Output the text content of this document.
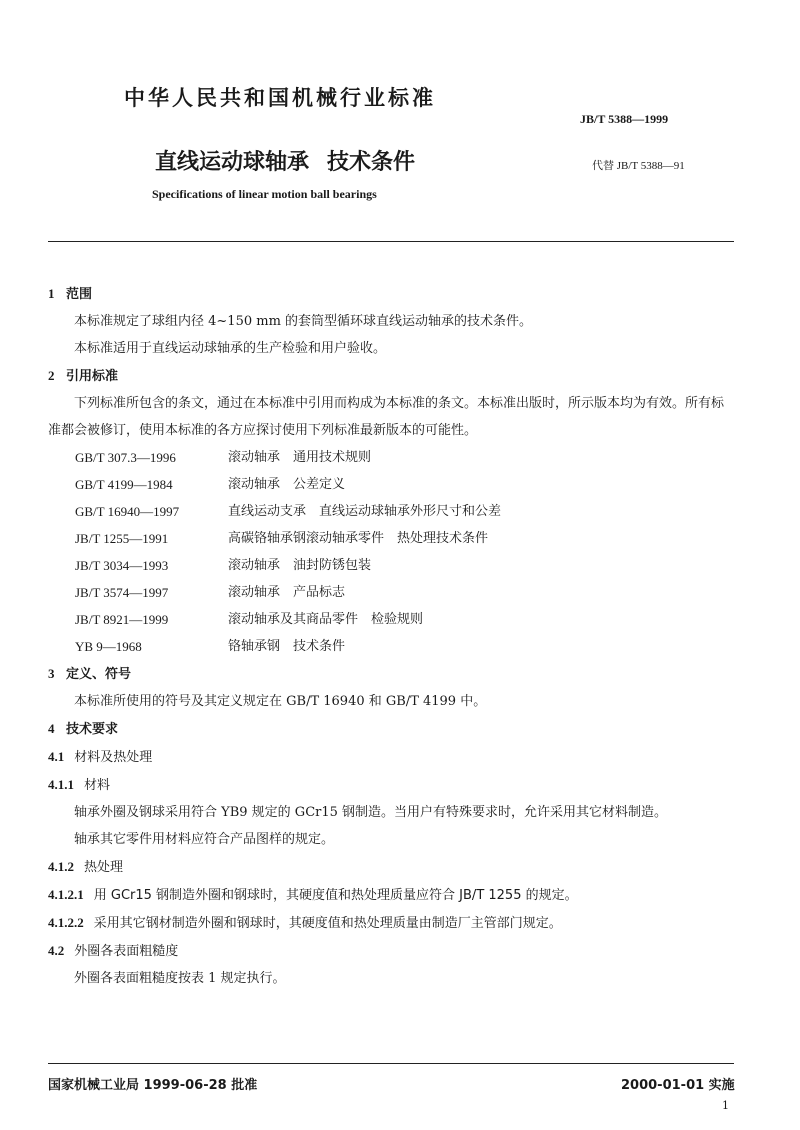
中华人民共和国机械行业标准
JB/T 5388—1999
直线运动球轴承 技术条件	代替 JB/T 5388—91
Specifications of linear motion ball bearings
1 范围
本标准规定了球组内径 4~150 mm 的套筒型循环球直线运动轴承的技术条件。
本标准适用于直线运动球轴承的生产检验和用户验收。
2 引用标准
下列标准所包含的条文，通过在本标准中引用而构成为本标准的条文。本标准出版时，所示版本均为有效。所有标准都会被修订，使用本标准的各方应探讨使用下列标准最新版本的可能性。
GB/T 307.3—1996	滚动轴承　通用技术规则
GB/T 4199—1984	滚动轴承　公差定义
GB/T 16940—1997	直线运动支承　直线运动球轴承外形尺寸和公差
JB/T 1255—1991	高碳铬轴承钢滚动轴承零件　热处理技术条件
JB/T 3034—1993	滚动轴承　油封防锈包装
JB/T 3574—1997	滚动轴承　产品标志
JB/T 8921—1999	滚动轴承及其商品零件　检验规则
YB 9—1968	铬轴承钢　技术条件
3 定义、符号
本标准所使用的符号及其定义规定在 GB/T 16940 和 GB/T 4199 中。
4 技术要求
4.1 材料及热处理
4.1.1 材料
轴承外圈及钢球采用符合 YB9 规定的 GCr15 钢制造。当用户有特殊要求时，允许采用其它材料制造。
轴承其它零件用材料应符合产品图样的规定。
4.1.2 热处理
4.1.2.1 用 GCr15 钢制造外圈和钢球时，其硬度值和热处理质量应符合 JB/T 1255 的规定。
4.1.2.2 采用其它钢材制造外圈和钢球时，其硬度值和热处理质量由制造厂主管部门规定。
4.2 外圈各表面粗糙度
外圈各表面粗糙度按表 1 规定执行。
国家机械工业局 1999-06-28 批准	2000-01-01 实施
1
